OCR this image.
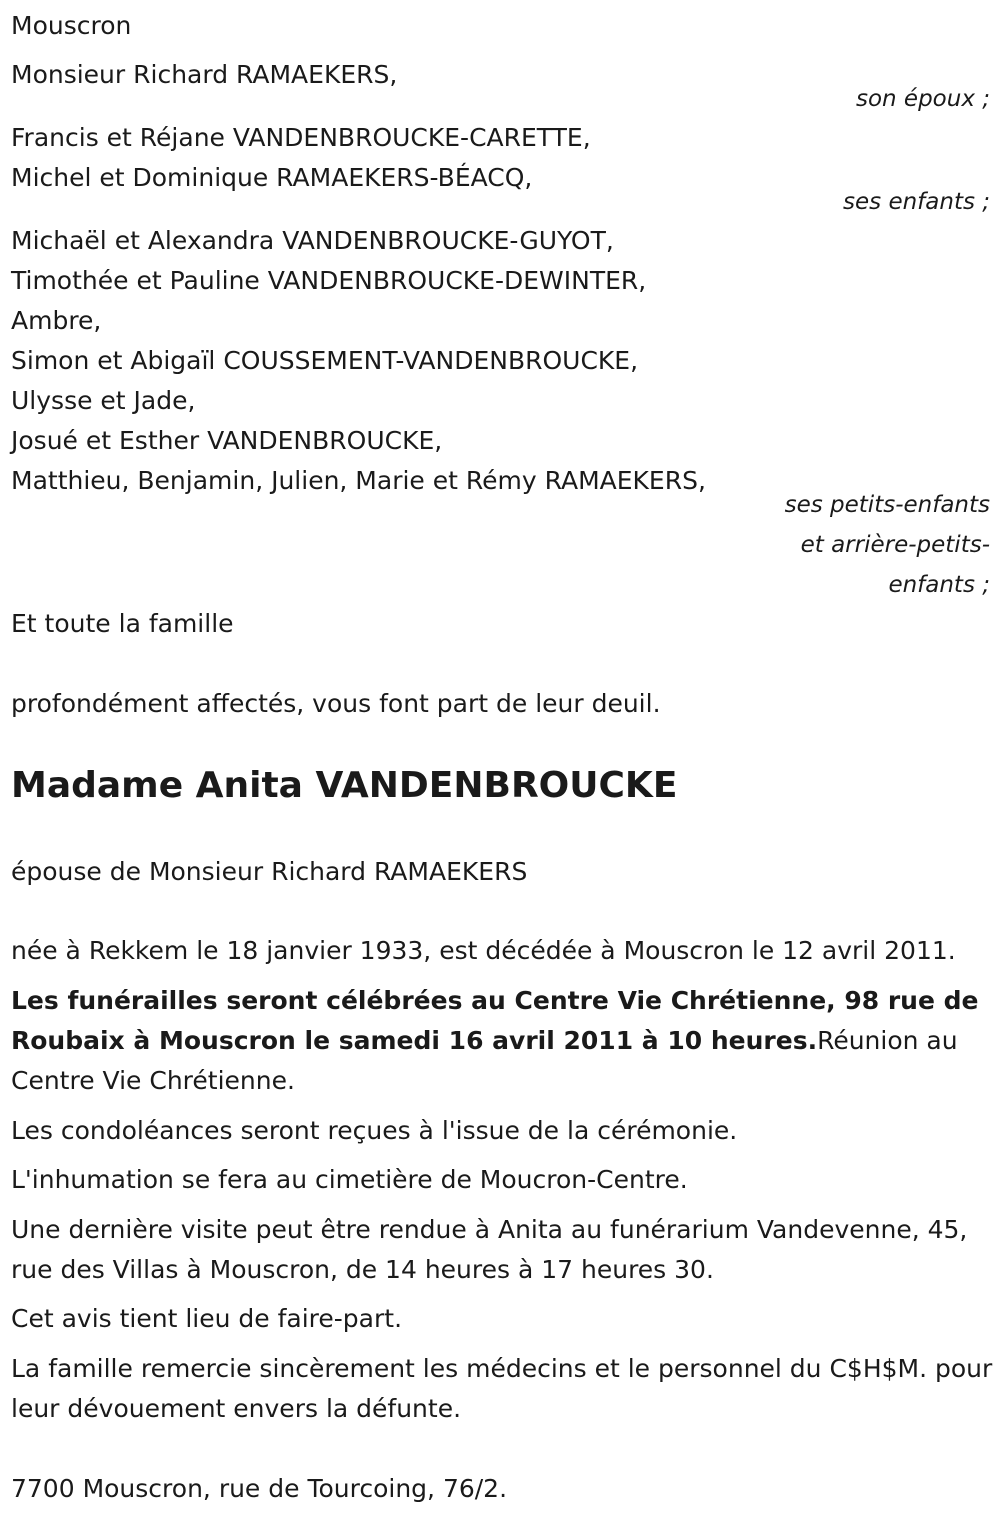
Mouscron
Monsieur Richard RAMAEKERS,
son époux ;
Francis et Réjane VANDENBROUCKE-CARETTE,
Michel et Dominique RAMAEKERS-BÉACQ,
ses enfants ;
Michaël et Alexandra VANDENBROUCKE-GUYOT,
Timothée et Pauline VANDENBROUCKE-DEWINTER,
Ambre,
Simon et Abigaïl COUSSEMENT-VANDENBROUCKE,
Ulysse et Jade,
Josué et Esther VANDENBROUCKE,
Matthieu, Benjamin, Julien, Marie et Rémy RAMAEKERS,
ses petits-enfants
et arrière-petits-
enfants ;
Et toute la famille
profondément affectés, vous font part de leur deuil.
Madame Anita VANDENBROUCKE
épouse de Monsieur Richard RAMAEKERS
née à Rekkem le 18 janvier 1933, est décédée à Mouscron le 12 avril 2011.
Les funérailles seront célébrées au Centre Vie Chrétienne, 98 rue de Roubaix à Mouscron le samedi 16 avril 2011 à 10 heures.Réunion au Centre Vie Chrétienne.
Les condoléances seront reçues à l'issue de la cérémonie.
L'inhumation se fera au cimetière de Moucron-Centre.
Une dernière visite peut être rendue à Anita au funérarium Vandevenne, 45, rue des Villas à Mouscron, de 14 heures à 17 heures 30.
Cet avis tient lieu de faire-part.
La famille remercie sincèrement les médecins et le personnel du C$H$M. pour leur dévouement envers la défunte.
7700 Mouscron, rue de Tourcoing, 76/2.
